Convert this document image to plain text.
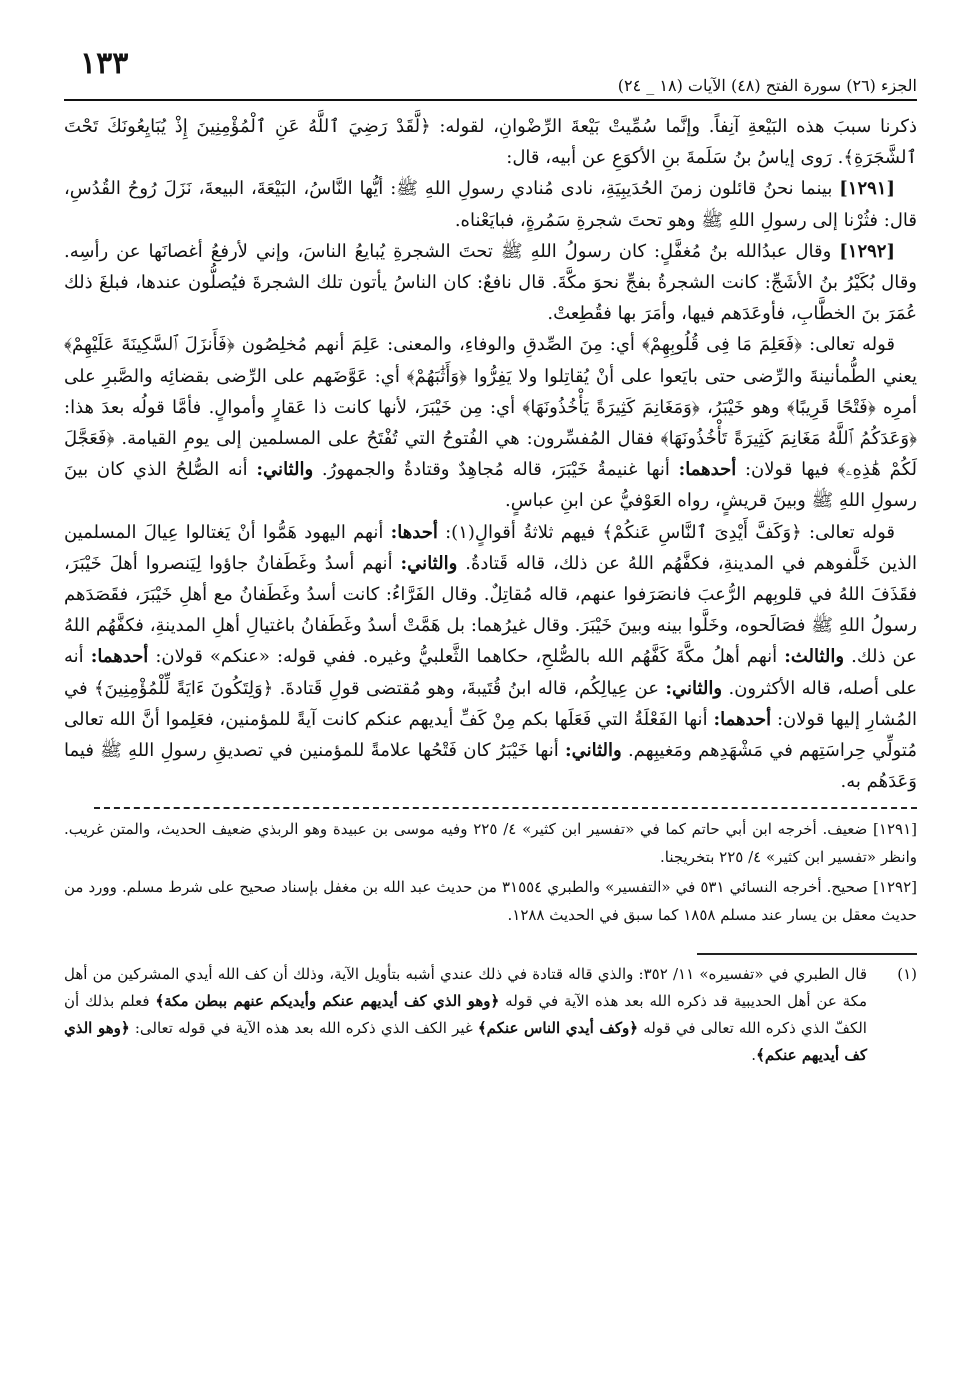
١٣٣
الجزء (٢٦) سورة الفتح (٤٨) الآيات (١٨ _ ٢٤)

ذكرنا سببَ هذه البَيْعةِ آنِفاً. وإنَّما سُمِّيتْ بَيْعةَ الرِّضْوانِ، لقوله: ﴿لَّقَدْ رَضِيَ ٱللَّهُ عَنِ ٱلْمُؤْمِنِينَ إِذْ يُبَايِعُونَكَ تَحْتَ ٱلشَّجَرَةِ﴾. رَوى إياسُ بنُ سَلَمةَ بنِ الأكوَعِ عن أبيه، قال:

[١٢٩١] بينما نحنُ قائلون زمنَ الحُدَيبِيَةِ، نادى مُنادي رسولِ اللهِ ﷺ: أيُّها النَّاسُ، البَيْعَةَ، البيعةَ، نَزَلَ رُوحُ القُدُسِ، قال: فثُرْنا إلى رسولِ اللهِ ﷺ وهو تحتَ شجرةِ سَمُرةٍ، فبايَعْناه.

[١٢٩٢] وقال عبدُالله بنُ مُغفَّلٍ: كان رسولُ اللهِ ﷺ تحتَ الشجرةِ يُبايعُ الناسَ، وإني لأرفعُ أغصانَها عن رأسِه. وقال بُكَيْرُ بنُ الأشَجِّ: كانت الشجرةُ بفجِّ نحوَ مكَّةَ. قال نافعٌ: كان الناسُ يأتون تلك الشجرةَ فيُصلُّون عندها، فبلغَ ذلك عُمَرَ بنَ الخطَّابِ، فأوعَدَهم فيها، وأمَرَ بها فقُطِعتْ.

قوله تعالى: ﴿فَعَلِمَ مَا فِى قُلُوبِهِمْ﴾ أي: مِنَ الصِّدقِ والوفاءِ، والمعنى: عَلِمَ أنهم مُخلِصُون ﴿فَأَنزَلَ ٱلسَّكِينَةَ عَلَيْهِمْ﴾ يعني الطُّمأنينةَ والرِّضى حتى بايَعوا على أنْ يُقاتِلوا ولا يَفِرُّوا ﴿وَأَثَٰبَهُمْ﴾ أي: عَوَّضَهم على الرِّضى بقضائِه والصَّبرِ على أمرِه ﴿فَتْحًا قَرِيبًا﴾ وهو خَيْبَرُ، ﴿وَمَغَانِمَ كَثِيرَةً يَأْخُذُونَهَا﴾ أي: مِن خَيْبَرَ، لأنها كانت ذا عَقارٍ وأموالٍ. فأمَّا قولُه بعدَ هذا: ﴿وَعَدَكُمُ ٱللَّهُ مَغَانِمَ كَثِيرَةً تَأْخُذُونَهَا﴾ فقال المُفسِّرون: هي الفُتوحُ التي تُفْتَحُ على المسلمين إلى يومِ القيامة. ﴿فَعَجَّلَ لَكُمْ هَٰذِهِۦ﴾ فيها قولان: أحدهما: أنها غنيمةُ خَيْبَرَ، قاله مُجاهِدٌ وقتادةُ والجمهورُ. والثاني: أنه الصُّلحُ الذي كان بينَ رسولِ اللهِ ﷺ وبينَ قريشٍ، رواه العَوْفيُّ عن ابنِ عباسٍ.

قوله تعالى: ﴿وَكَفَّ أَيْدِىَ ٱلنَّاسِ عَنكُمْ﴾ فيهم ثلاثةُ أقوالٍ(١): أحدها: أنهم اليهود هَمُّوا أنْ يَغتالوا عِيالَ المسلمين الذين خَلَّفوهم في المدينةِ، فكفَّهُم اللهُ عن ذلك، قاله قَتادةُ. والثاني: أنهم أسدُ وغَطَفانُ جاؤوا لِيَنصروا أهلَ خَيْبَرَ، فقَذَفَ اللهُ في قلوبِهم الرُّعبَ فانصَرَفوا عنهم، قاله مُقاتِلٌ. وقال الفَرَّاءُ: كانت أسدُ وغَطَفانُ مع أهلِ خَيْبَرَ، فقَصَدَهم رسولُ اللهِ ﷺ فصَالَحوه، وخَلَّوا بينه وبينَ خَيْبَرَ. وقال غيرُهما: بل هَمَّتْ أسدُ وغَطَفانُ باغتيالِ أهلِ المدينةِ، فكفَّهُم اللهُ عن ذلك. والثالث: أنهم أهلُ مكَّةَ كَفَّهُم الله بالصُّلحِ، حكاهما الثَّعلبيُّ وغيره. ففي قوله: «عنكم» قولان: أحدهما: أنه على أصله، قاله الأكثرون. والثاني: عن عِيالِكُم، قاله ابنُ قُتَيبةَ، وهو مُقتضى قولِ قَتادةَ. ﴿وَلِتَكُونَ ءَايَةً لِّلْمُؤْمِنِينَ﴾ في المُشارِ إليها قولان: أحدهما: أنها الفَعْلَةُ التي فَعَلَها بكم مِنْ كَفِّ أيديهم عنكم كانت آيةً للمؤمنين، فعَلِموا أنَّ الله تعالى مُتولِّي حِراسَتِهم في مَشْهَدِهم ومَغيبِهم. والثاني: أنها خَيْبَرُ كان فَتْحُها علامةً للمؤمنين في تصديقِ رسولِ اللهِ ﷺ فيما وَعَدَهُم به.

[١٢٩١] ضعيف. أخرجه ابن أبي حاتم كما في «تفسير ابن كثير» ٤/ ٢٢٥ وفيه موسى بن عبيدة وهو الربذي ضعيف الحديث، والمتن غريب. وانظر «تفسير ابن كثير» ٤/ ٢٢٥ بتخريجنا.

[١٢٩٢] صحيح. أخرجه النسائي ٥٣١ في «التفسير» والطبري ٣١٥٥٤ من حديث عبد الله بن مغفل بإسناد صحيح على شرط مسلم. وورد من حديث معقل بن يسار عند مسلم ١٨٥٨ كما سبق في الحديث ١٢٨٨.

(١)
قال الطبري في «تفسيره» ١١/ ٣٥٢: والذي قاله قتادة في ذلك عندي أشبه بتأويل الآية، وذلك أن كف الله أيدي المشركين من أهل مكة عن أهل الحديبية قد ذكره الله بعد هذه الآية في قوله ﴿وهو الذي كف أيديهم عنكم وأيديكم عنهم ببطن مكة﴾ فعلم بذلك أن الكفّ الذي ذكره الله تعالى في قوله ﴿وكف أيدي الناس عنكم﴾ غير الكف الذي ذكره الله بعد هذه الآية في قوله تعالى: ﴿وهو الذي كف أيديهم عنكم﴾.
